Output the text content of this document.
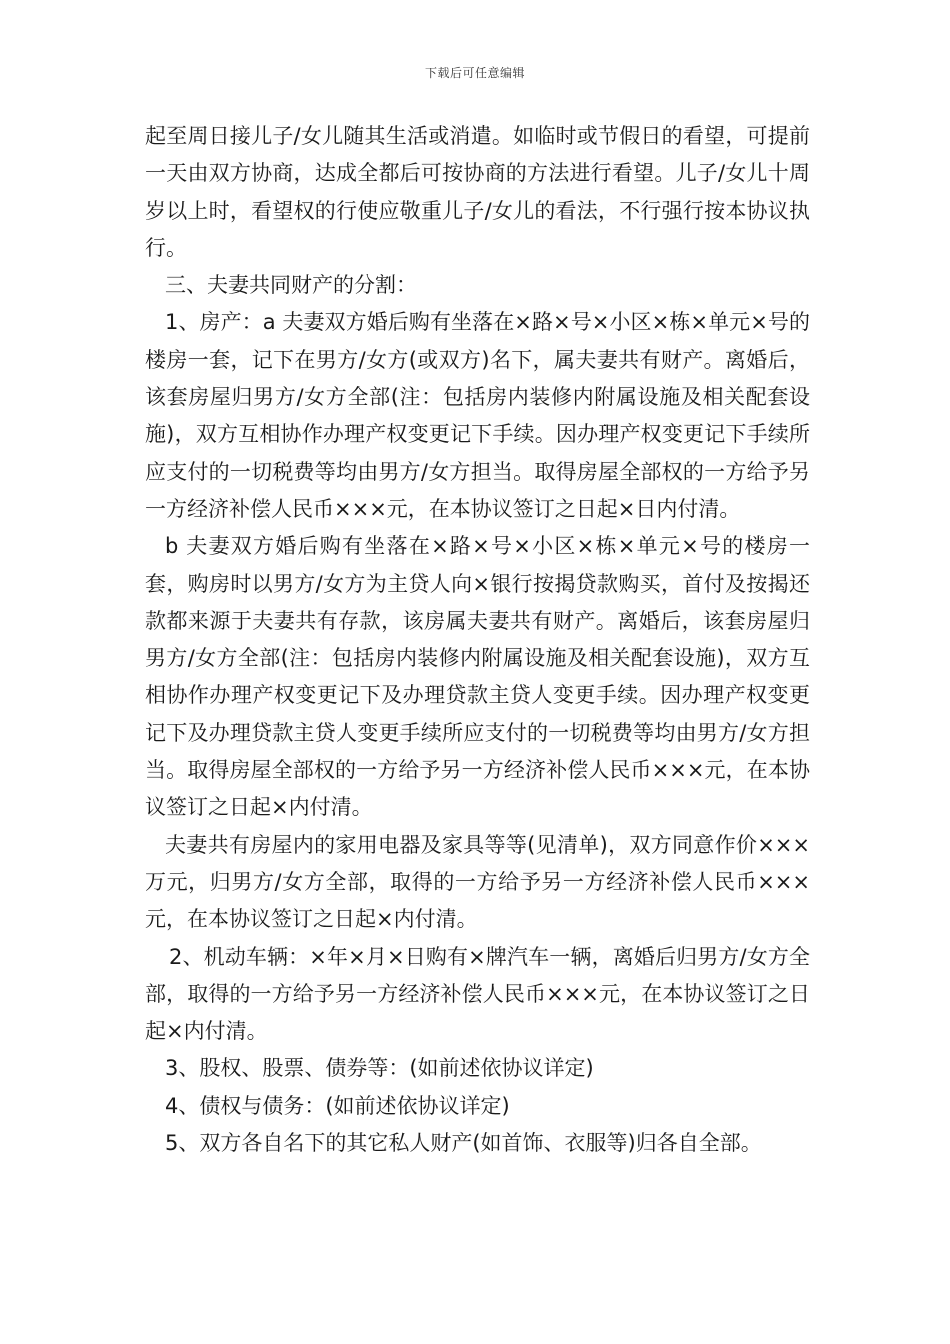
下载后可任意编辑

起至周日接儿子/女儿随其生活或消遣。如临时或节假日的看望，可提前一天由双方协商，达成全都后可按协商的方法进行看望。儿子/女儿十周岁以上时，看望权的行使应敬重儿子/女儿的看法，不行强行按本协议执行。

三、夫妻共同财产的分割：

1、房产：a 夫妻双方婚后购有坐落在×路×号×小区×栋×单元×号的楼房一套，记下在男方/女方(或双方)名下，属夫妻共有财产。离婚后，该套房屋归男方/女方全部(注：包括房内装修内附属设施及相关配套设施)，双方互相协作办理产权变更记下手续。因办理产权变更记下手续所应支付的一切税费等均由男方/女方担当。取得房屋全部权的一方给予另一方经济补偿人民币×××元，在本协议签订之日起×日内付清。

b 夫妻双方婚后购有坐落在×路×号×小区×栋×单元×号的楼房一套，购房时以男方/女方为主贷人向×银行按揭贷款购买，首付及按揭还款都来源于夫妻共有存款，该房属夫妻共有财产。离婚后，该套房屋归男方/女方全部(注：包括房内装修内附属设施及相关配套设施)，双方互相协作办理产权变更记下及办理贷款主贷人变更手续。因办理产权变更记下及办理贷款主贷人变更手续所应支付的一切税费等均由男方/女方担当。取得房屋全部权的一方给予另一方经济补偿人民币×××元，在本协议签订之日起×内付清。

夫妻共有房屋内的家用电器及家具等等(见清单)，双方同意作价×××万元，归男方/女方全部，取得的一方给予另一方经济补偿人民币×××元，在本协议签订之日起×内付清。

2、机动车辆：×年×月×日购有×牌汽车一辆，离婚后归男方/女方全部，取得的一方给予另一方经济补偿人民币×××元，在本协议签订之日起×内付清。

3、股权、股票、债券等：(如前述依协议详定)

4、债权与债务：(如前述依协议详定)

5、双方各自名下的其它私人财产(如首饰、衣服等)归各自全部。
